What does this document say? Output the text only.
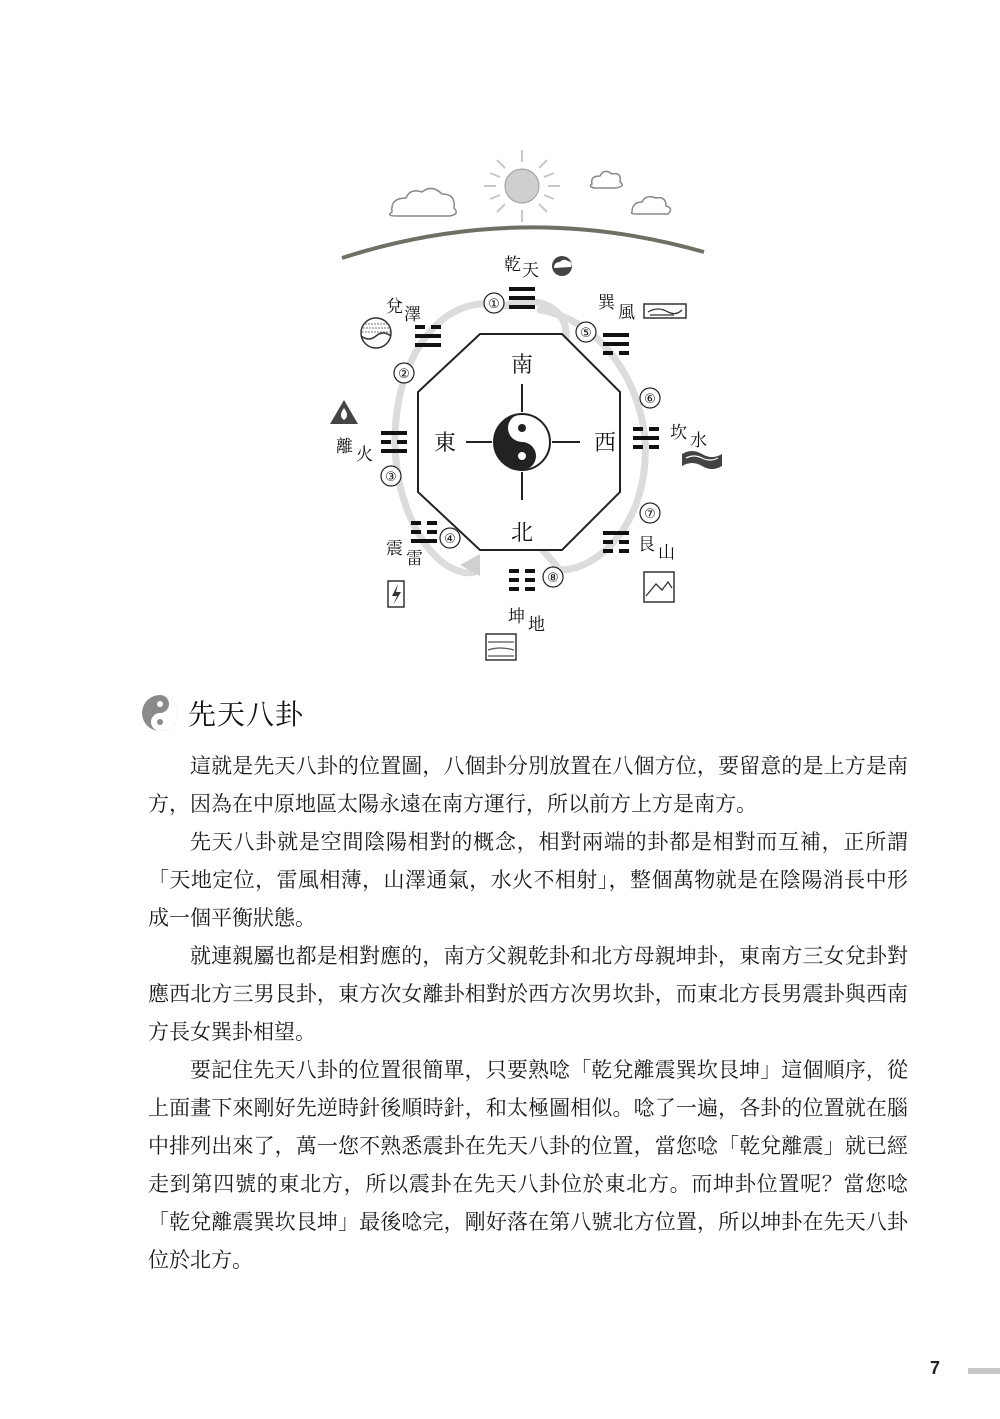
南
東	西
北
①
乾 天
②
兌 澤
③
離 火
④
震 雷
⑤
巽 風
⑥
坎 水
⑦
艮 山
⑧
坤 地
先天八卦

這就是先天八卦的位置圖，八個卦分別放置在八個方位，要留意的是上方是南方，因為在中原地區太陽永遠在南方運行，所以前方上方是南方。

先天八卦就是空間陰陽相對的概念，相對兩端的卦都是相對而互補，正所謂「天地定位，雷風相薄，山澤通氣，水火不相射」，整個萬物就是在陰陽消長中形成一個平衡狀態。

就連親屬也都是相對應的，南方父親乾卦和北方母親坤卦，東南方三女兌卦對應西北方三男艮卦，東方次女離卦相對於西方次男坎卦，而東北方長男震卦與西南方長女巽卦相望。

要記住先天八卦的位置很簡單，只要熟唸「乾兌離震巽坎艮坤」這個順序，從上面畫下來剛好先逆時針後順時針，和太極圖相似。唸了一遍，各卦的位置就在腦中排列出來了，萬一您不熟悉震卦在先天八卦的位置，當您唸「乾兌離震」就已經走到第四號的東北方，所以震卦在先天八卦位於東北方。而坤卦位置呢？當您唸「乾兌離震巽坎艮坤」最後唸完，剛好落在第八號北方位置，所以坤卦在先天八卦位於北方。

7
